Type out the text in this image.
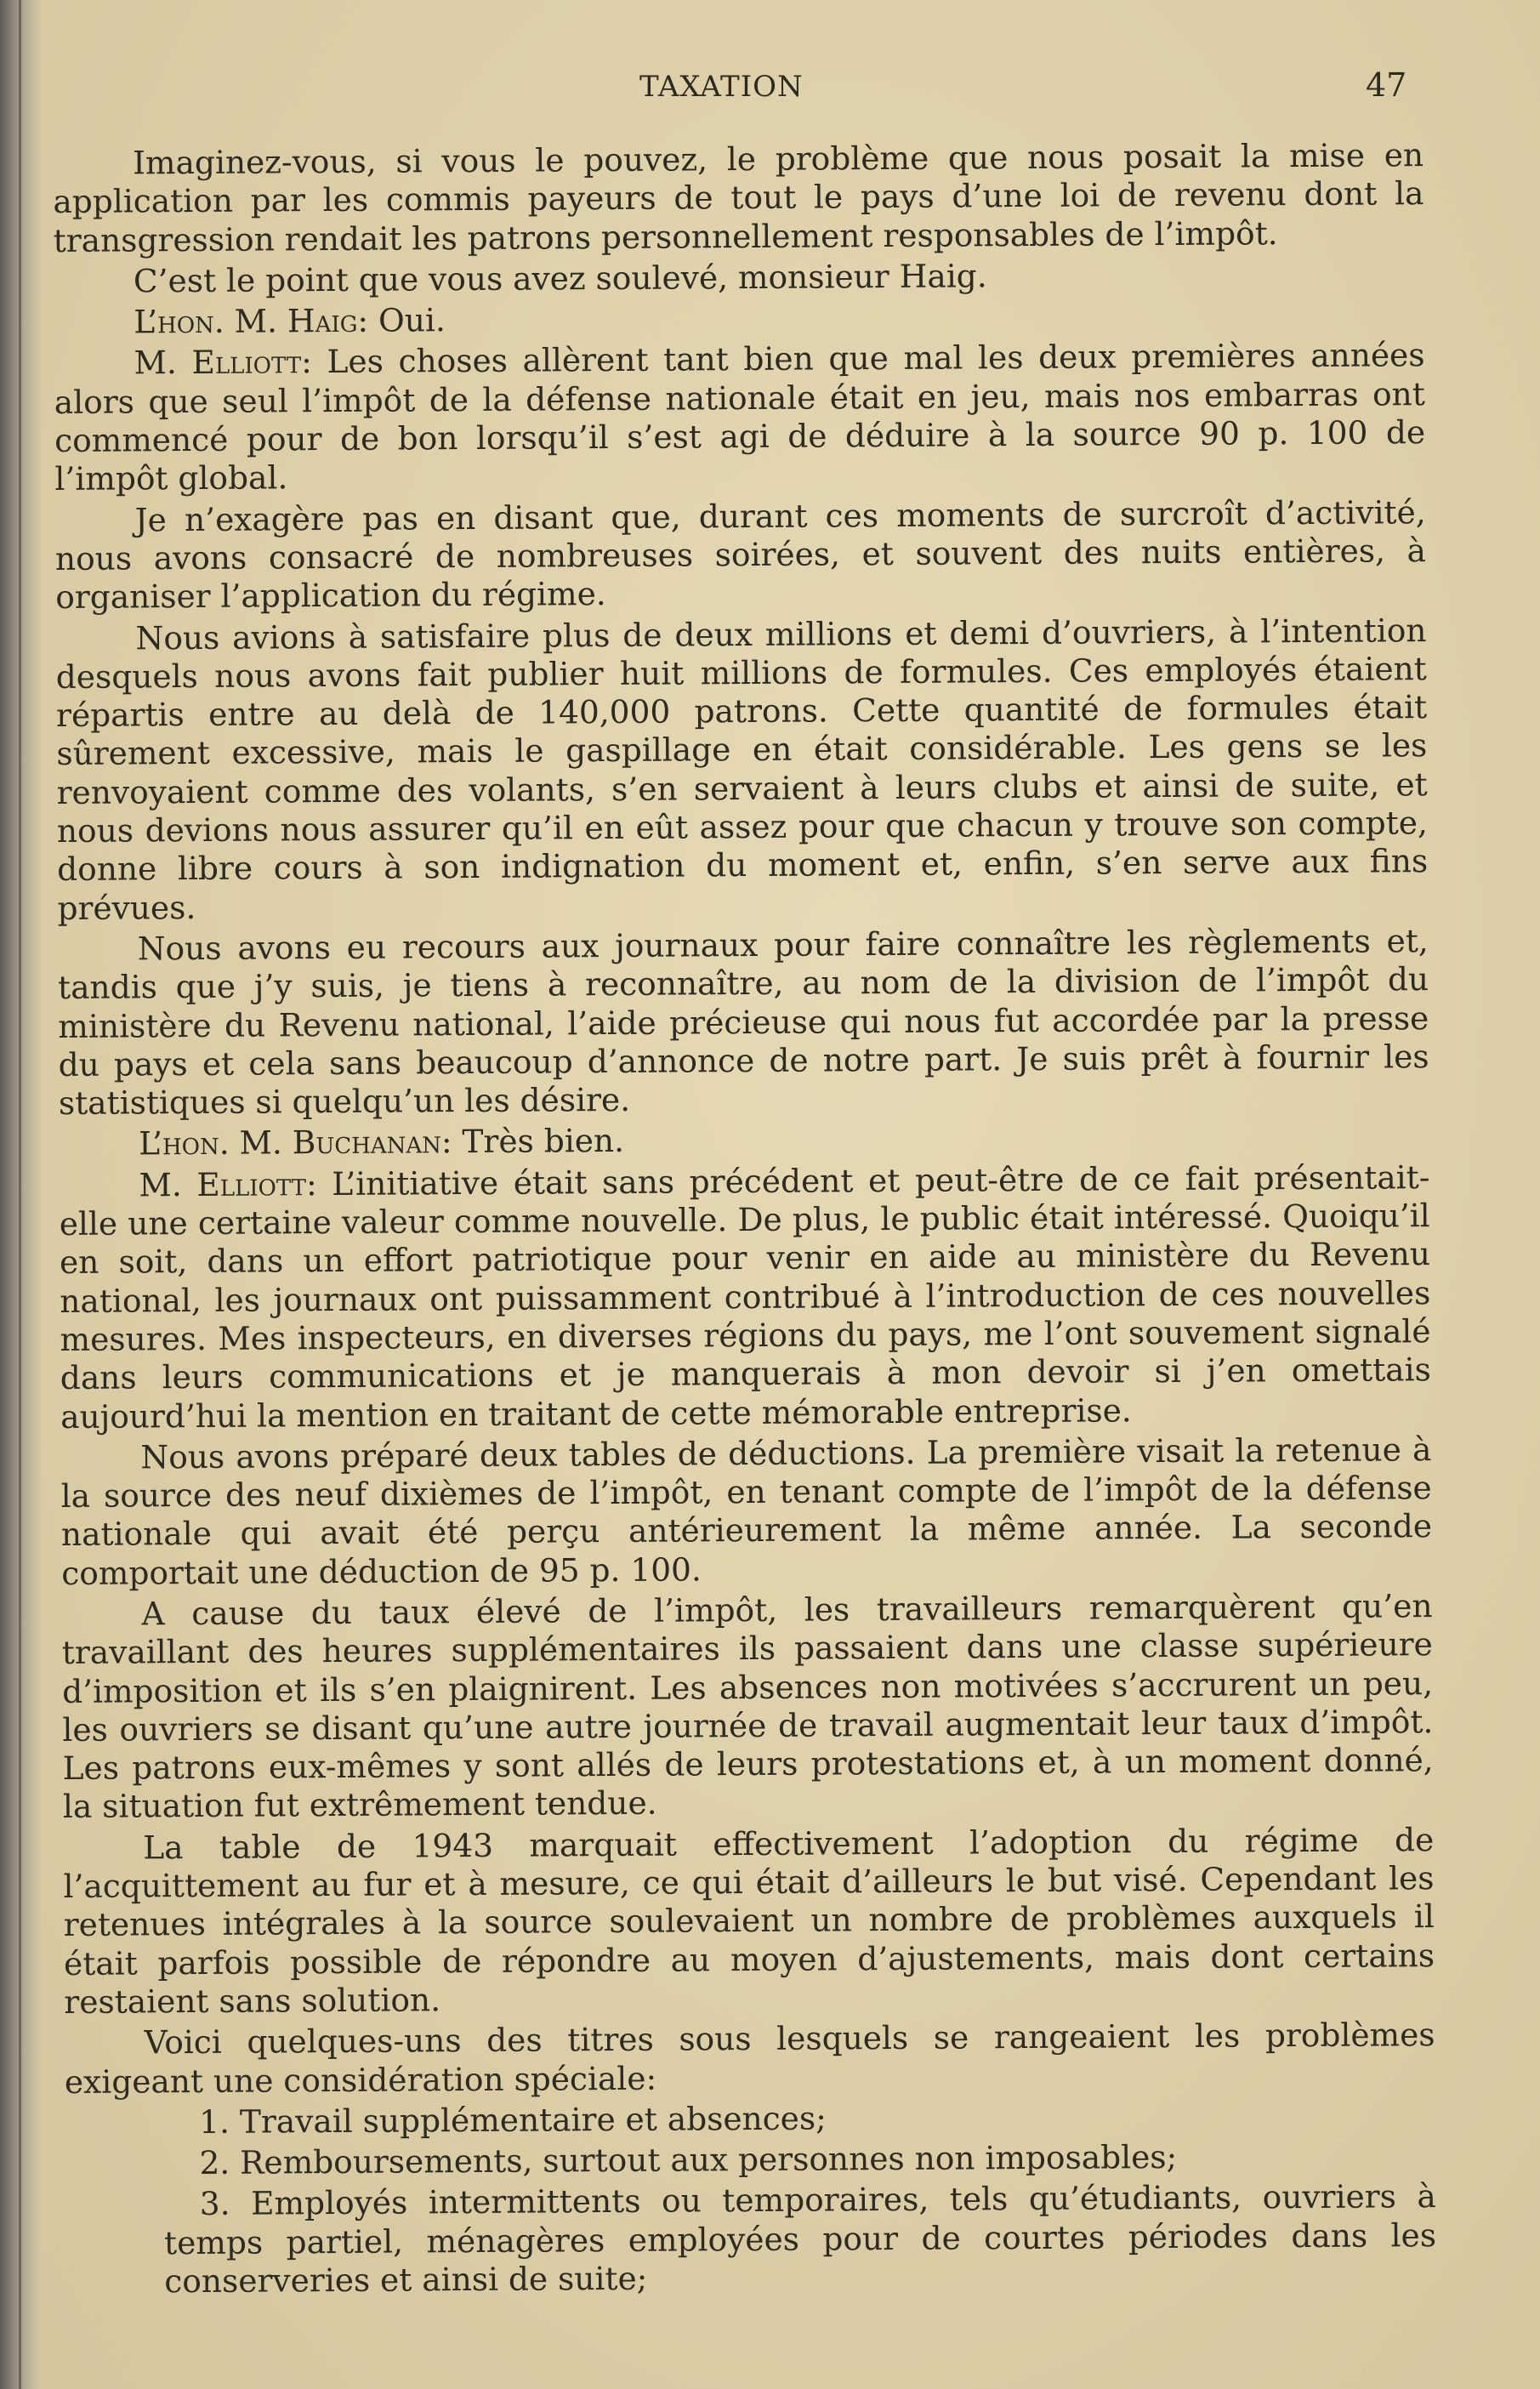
TAXATION	47

Imaginez-vous, si vous le pouvez, le problème que nous posait la mise en application par les commis payeurs de tout le pays d’une loi de revenu dont la transgression rendait les patrons personnellement responsables de l’impôt.

C’est le point que vous avez soulevé, monsieur Haig.

L’hon. M. Haig: Oui.

M. Elliott: Les choses allèrent tant bien que mal les deux premières années alors que seul l’impôt de la défense nationale était en jeu, mais nos embarras ont commencé pour de bon lorsqu’il s’est agi de déduire à la source 90 p. 100 de l’impôt global.

Je n’exagère pas en disant que, durant ces moments de surcroît d’activité, nous avons consacré de nombreuses soirées, et souvent des nuits entières, à organiser l’application du régime.

Nous avions à satisfaire plus de deux millions et demi d’ouvriers, à l’intention desquels nous avons fait publier huit millions de formules. Ces employés étaient répartis entre au delà de 140,000 patrons. Cette quantité de formules était sûrement excessive, mais le gaspillage en était considérable. Les gens se les renvoyaient comme des volants, s’en servaient à leurs clubs et ainsi de suite, et nous devions nous assurer qu’il en eût assez pour que chacun y trouve son compte, donne libre cours à son indignation du moment et, enfin, s’en serve aux fins prévues.

Nous avons eu recours aux journaux pour faire connaître les règlements et, tandis que j’y suis, je tiens à reconnaître, au nom de la division de l’impôt du ministère du Revenu national, l’aide précieuse qui nous fut accordée par la presse du pays et cela sans beaucoup d’annonce de notre part. Je suis prêt à fournir les statistiques si quelqu’un les désire.

L’hon. M. Buchanan: Très bien.

M. Elliott: L’initiative était sans précédent et peut-être de ce fait présentait-elle une certaine valeur comme nouvelle. De plus, le public était intéressé. Quoiqu’il en soit, dans un effort patriotique pour venir en aide au ministère du Revenu national, les journaux ont puissamment contribué à l’introduction de ces nouvelles mesures. Mes inspecteurs, en diverses régions du pays, me l’ont souvement signalé dans leurs communications et je manquerais à mon devoir si j’en omettais aujourd’hui la mention en traitant de cette mémorable entreprise.

Nous avons préparé deux tables de déductions. La première visait la retenue à la source des neuf dixièmes de l’impôt, en tenant compte de l’impôt de la défense nationale qui avait été perçu antérieurement la même année. La seconde comportait une déduction de 95 p. 100.

A cause du taux élevé de l’impôt, les travailleurs remarquèrent qu’en travaillant des heures supplémentaires ils passaient dans une classe supérieure d’imposition et ils s’en plaignirent. Les absences non motivées s’accrurent un peu, les ouvriers se disant qu’une autre journée de travail augmentait leur taux d’impôt. Les patrons eux-mêmes y sont allés de leurs protestations et, à un moment donné, la situation fut extrêmement tendue.

La table de 1943 marquait effectivement l’adoption du régime de l’acquittement au fur et à mesure, ce qui était d’ailleurs le but visé. Cependant les retenues intégrales à la source soulevaient un nombre de problèmes auxquels il était parfois possible de répondre au moyen d’ajustements, mais dont certains restaient sans solution.

Voici quelques-uns des titres sous lesquels se rangeaient les problèmes exigeant une considération spéciale:

1. Travail supplémentaire et absences;

2. Remboursements, surtout aux personnes non imposables;

3. Employés intermittents ou temporaires, tels qu’étudiants, ouvriers à temps partiel, ménagères employées pour de courtes périodes dans les conserveries et ainsi de suite;
